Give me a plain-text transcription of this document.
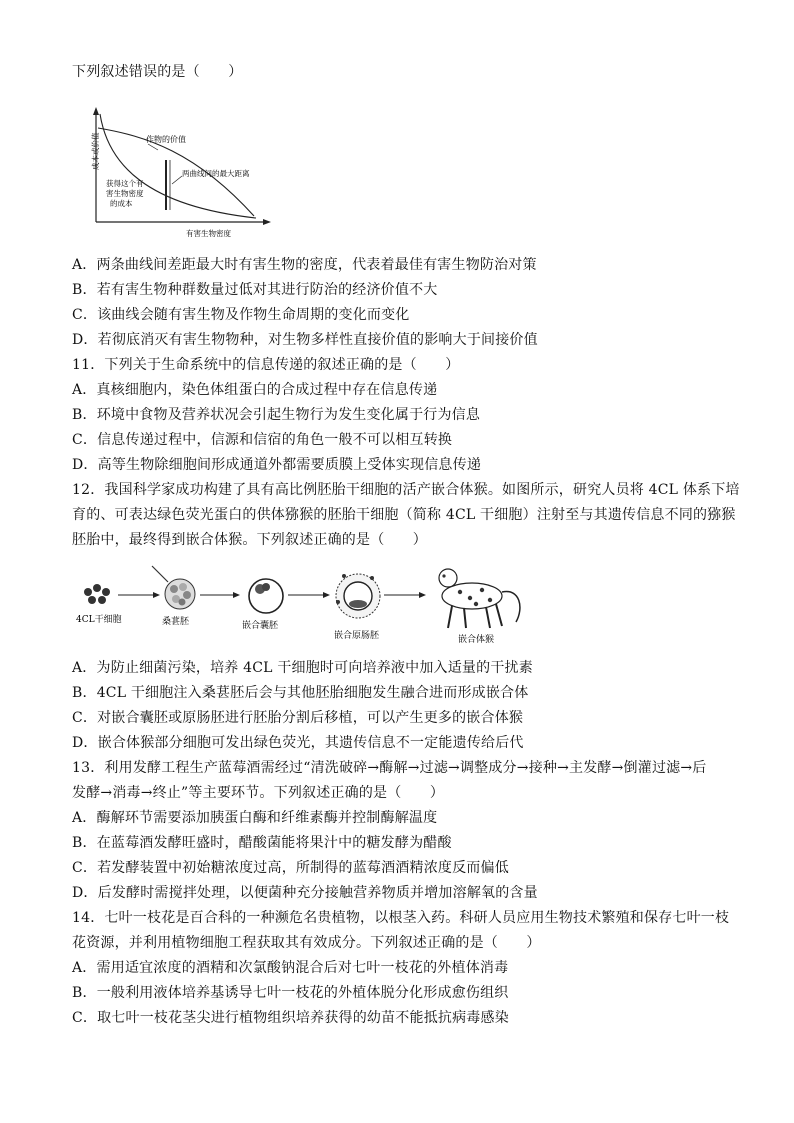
下列叙述错误的是（　　）
成本或价值	作物的价值
两曲线间的最大距离
获得这个有
害生物密度
的成本
有害生物密度
A．两条曲线间差距最大时有害生物的密度，代表着最佳有害生物防治对策
B．若有害生物种群数量过低对其进行防治的经济价值不大
C．该曲线会随有害生物及作物生命周期的变化而变化
D．若彻底消灭有害生物物种，对生物多样性直接价值的影响大于间接价值
11．下列关于生命系统中的信息传递的叙述正确的是（　　）
A．真核细胞内，染色体组蛋白的合成过程中存在信息传递
B．环境中食物及营养状况会引起生物行为发生变化属于行为信息
C．信息传递过程中，信源和信宿的角色一般不可以相互转换
D．高等生物除细胞间形成通道外都需要质膜上受体实现信息传递
12．我国科学家成功构建了具有高比例胚胎干细胞的活产嵌合体猴。如图所示，研究人员将 4CL 体系下培
育的、可表达绿色荧光蛋白的供体猕猴的胚胎干细胞（简称 4CL 干细胞）注射至与其遗传信息不同的猕猴
胚胎中，最终得到嵌合体猴。下列叙述正确的是（　　）
4CL干细胞	桑葚胚	嵌合囊胚
嵌合原肠胚	嵌合体猴
A．为防止细菌污染，培养 4CL 干细胞时可向培养液中加入适量的干扰素
B．4CL 干细胞注入桑葚胚后会与其他胚胎细胞发生融合进而形成嵌合体
C．对嵌合囊胚或原肠胚进行胚胎分割后移植，可以产生更多的嵌合体猴
D．嵌合体猴部分细胞可发出绿色荧光，其遗传信息不一定能遗传给后代
13．利用发酵工程生产蓝莓酒需经过“清洗破碎→酶解→过滤→调整成分→接种→主发酵→倒灌过滤→后
发酵→消毒→终止”等主要环节。下列叙述正确的是（　　）
A．酶解环节需要添加胰蛋白酶和纤维素酶并控制酶解温度
B．在蓝莓酒发酵旺盛时，醋酸菌能将果汁中的糖发酵为醋酸
C．若发酵装置中初始糖浓度过高，所制得的蓝莓酒酒精浓度反而偏低
D．后发酵时需搅拌处理，以便菌种充分接触营养物质并增加溶解氧的含量
14．七叶一枝花是百合科的一种濒危名贵植物，以根茎入药。科研人员应用生物技术繁殖和保存七叶一枝
花资源，并利用植物细胞工程获取其有效成分。下列叙述正确的是（　　）
A．需用适宜浓度的酒精和次氯酸钠混合后对七叶一枝花的外植体消毒
B．一般利用液体培养基诱导七叶一枝花的外植体脱分化形成愈伤组织
C．取七叶一枝花茎尖进行植物组织培养获得的幼苗不能抵抗病毒感染
